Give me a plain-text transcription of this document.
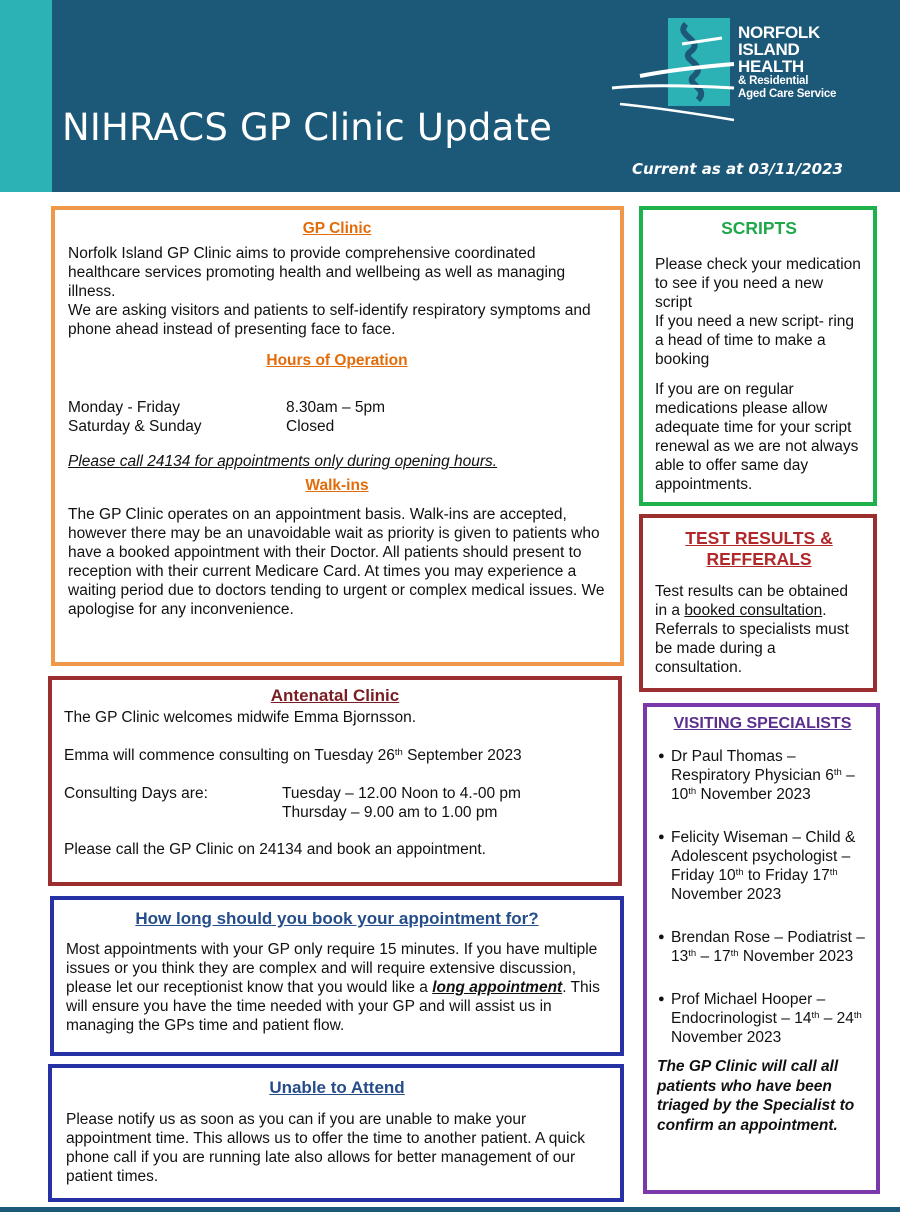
NIHRACS GP Clinic Update
Current as at 03/11/2023
NORFOLK
ISLAND
HEALTH
& Residential
Aged Care Service
GP Clinic
Norfolk Island GP Clinic aims to provide comprehensive coordinated healthcare services promoting health and wellbeing as well as managing illness.
We are asking visitors and patients to self-identify respiratory symptoms and phone ahead instead of presenting face to face.
Hours of Operation
Monday - Friday	8.30am – 5pm
Saturday & Sunday	Closed
Please call 24134 for appointments only during opening hours.
Walk-ins
The GP Clinic operates on an appointment basis. Walk-ins are accepted, however there may be an unavoidable wait as priority is given to patients who have a booked appointment with their Doctor. All patients should present to reception with their current Medicare Card. At times you may experience a waiting period due to doctors tending to urgent or complex medical issues. We apologise for any inconvenience.
SCRIPTS
Please check your medication to see if you need a new script
If you need a new script- ring a head of time to make a booking
If you are on regular medications please allow adequate time for your script renewal as we are not always able to offer same day appointments.
TEST RESULTS &
REFFERALS
Test results can be obtained in a booked consultation. Referrals to specialists must be made during a consultation.
Antenatal Clinic
The GP Clinic welcomes midwife Emma Bjornsson.
Emma will commence consulting on Tuesday 26th September 2023
Consulting Days are:	Tuesday – 12.00 Noon to 4.-00 pm
Thursday – 9.00 am to 1.00 pm
Please call the GP Clinic on 24134 and book an appointment.
How long should you book your appointment for?
Most appointments with your GP only require 15 minutes. If you have multiple issues or you think they are complex and will require extensive discussion, please let our receptionist know that you would like a long appointment. This will ensure you have the time needed with your GP and will assist us in managing the GPs time and patient flow.
Unable to Attend
Please notify us as soon as you can if you are unable to make your appointment time. This allows us to offer the time to another patient. A quick phone call if you are running late also allows for better management of our patient times.
VISITING SPECIALISTS
● Dr Paul Thomas – Respiratory Physician 6th – 10th November 2023
● Felicity Wiseman – Child & Adolescent psychologist – Friday 10th to Friday 17th November 2023
● Brendan Rose – Podiatrist – 13th – 17th November 2023
● Prof Michael Hooper – Endocrinologist – 14th – 24th November 2023
The GP Clinic will call all patients who have been triaged by the Specialist to confirm an appointment.
